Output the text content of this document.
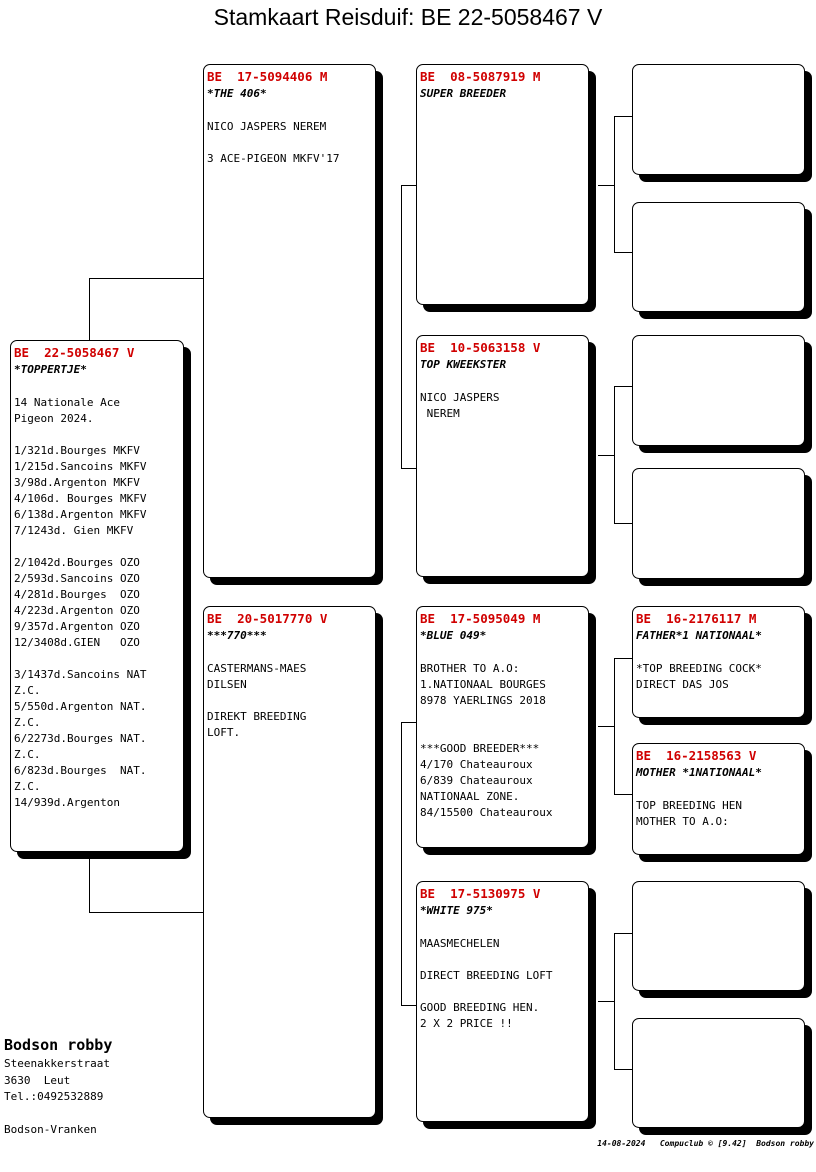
Stamkaart Reisduif: BE 22-5058467 V
BE  22-5058467 V
*TOPPERTJE*

14 Nationale Ace
Pigeon 2024.

1/321d.Bourges MKFV
1/215d.Sancoins MKFV
3/98d.Argenton MKFV
4/106d. Bourges MKFV
6/138d.Argenton MKFV
7/1243d. Gien MKFV

2/1042d.Bourges OZO
2/593d.Sancoins OZO
4/281d.Bourges  OZO
4/223d.Argenton OZO
9/357d.Argenton OZO
12/3408d.GIEN   OZO

3/1437d.Sancoins NAT
Z.C.
5/550d.Argenton NAT.
Z.C.
6/2273d.Bourges NAT.
Z.C.
6/823d.Bourges  NAT.
Z.C.
14/939d.Argenton
BE  17-5094406 M
*THE 406*

NICO JASPERS NEREM

3 ACE-PIGEON MKFV'17
BE  20-5017770 V
***770***

CASTERMANS-MAES
DILSEN

DIREKT BREEDING
LOFT.
BE  08-5087919 M
SUPER BREEDER
BE  10-5063158 V
TOP KWEEKSTER

NICO JASPERS
NEREM
BE  17-5095049 M
*BLUE 049*

BROTHER TO A.O:
1.NATIONAAL BOURGES
8978 YAERLINGS 2018

***GOOD BREEDER***
4/170 Chateauroux
6/839 Chateauroux
NATIONAAL ZONE.
84/15500 Chateauroux
BE  17-5130975 V
*WHITE 975*

MAASMECHELEN

DIRECT BREEDING LOFT

GOOD BREEDING HEN.
2 X 2 PRICE !!
BE  16-2176117 M
FATHER*1 NATIONAAL*

*TOP BREEDING COCK*
DIRECT DAS JOS
BE  16-2158563 V
MOTHER *1NATIONAAL*

TOP BREEDING HEN
MOTHER TO A.O:
Bodson robby
Steenakkerstraat
3630  Leut
Tel.:0492532889

Bodson-Vranken
14-08-2024   Compuclub © [9.42]  Bodson robby
